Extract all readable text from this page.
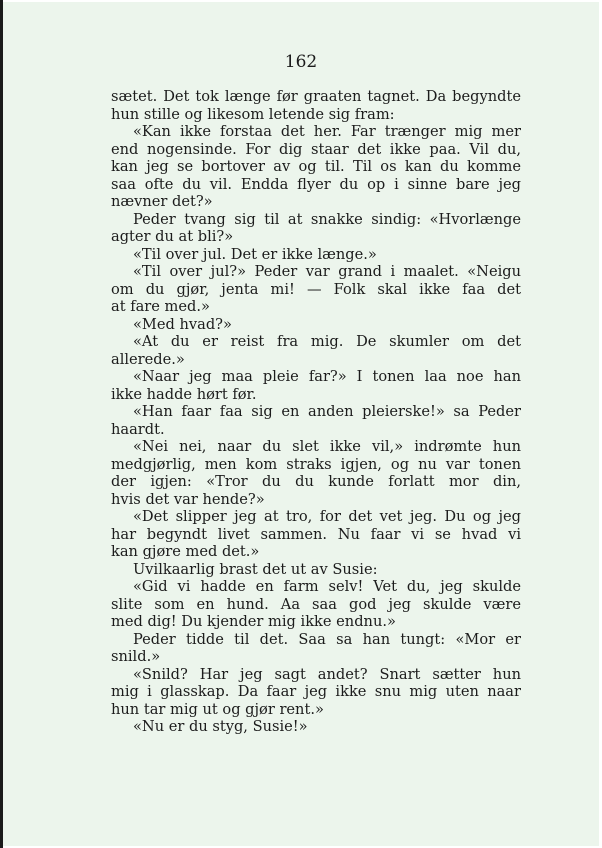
162
sætet. Det tok længe før graaten tagnet. Da begyndte
hun stille og likesom letende sig fram:
«Kan ikke forstaa det her. Far trænger mig mer
end nogensinde. For dig staar det ikke paa. Vil du,
kan jeg se bortover av og til. Til os kan du komme
saa ofte du vil. Endda flyer du op i sinne bare jeg
nævner det?»
Peder tvang sig til at snakke sindig: «Hvorlænge
agter du at bli?»
«Til over jul. Det er ikke længe.»
«Til over jul?» Peder var grand i maalet. «Neigu
om du gjør, jenta mi! — Folk skal ikke faa det
at fare med.»
«Med hvad?»
«At du er reist fra mig. De skumler om det
allerede.»
«Naar jeg maa pleie far?» I tonen laa noe han
ikke hadde hørt før.
«Han faar faa sig en anden pleierske!» sa Peder
haardt.
«Nei nei, naar du slet ikke vil,» indrømte hun
medgjørlig, men kom straks igjen, og nu var tonen
der igjen: «Tror du du kunde forlatt mor din,
hvis det var hende?»
«Det slipper jeg at tro, for det vet jeg. Du og jeg
har begyndt livet sammen. Nu faar vi se hvad vi
kan gjøre med det.»
Uvilkaarlig brast det ut av Susie:
«Gid vi hadde en farm selv! Vet du, jeg skulde
slite som en hund. Aa saa god jeg skulde være
med dig! Du kjender mig ikke endnu.»
Peder tidde til det. Saa sa han tungt: «Mor er
snild.»
«Snild? Har jeg sagt andet? Snart sætter hun
mig i glasskap. Da faar jeg ikke snu mig uten naar
hun tar mig ut og gjør rent.»
«Nu er du styg, Susie!»
